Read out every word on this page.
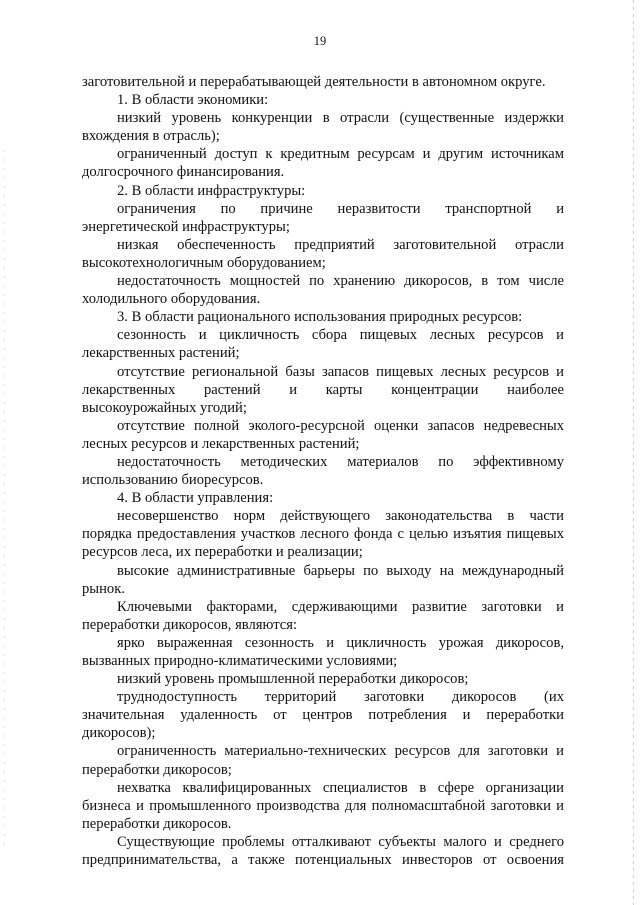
19
заготовительной и перерабатывающей деятельности в автономном округе.
1. В области экономики:
низкий уровень конкуренции в отрасли (существенные издержки
вхождения в отрасль);
ограниченный доступ к кредитным ресурсам и другим источникам
долгосрочного финансирования.
2. В области инфраструктуры:
ограничения по причине неразвитости транспортной и
энергетической инфраструктуры;
низкая обеспеченность предприятий заготовительной отрасли
высокотехнологичным оборудованием;
недостаточность мощностей по хранению дикоросов, в том числе
холодильного оборудования.
3. В области рационального использования природных ресурсов:
сезонность и цикличность сбора пищевых лесных ресурсов и
лекарственных растений;
отсутствие региональной базы запасов пищевых лесных ресурсов и
лекарственных растений и карты концентрации наиболее
высокоурожайных угодий;
отсутствие полной эколого-ресурсной оценки запасов недревесных
лесных ресурсов и лекарственных растений;
недостаточность методических материалов по эффективному
использованию биоресурсов.
4. В области управления:
несовершенство норм действующего законодательства в части
порядка предоставления участков лесного фонда с целью изъятия пищевых
ресурсов леса, их переработки и реализации;
высокие административные барьеры по выходу на международный
рынок.
Ключевыми факторами, сдерживающими развитие заготовки и
переработки дикоросов, являются:
ярко выраженная сезонность и цикличность урожая дикоросов,
вызванных природно-климатическими условиями;
низкий уровень промышленной переработки дикоросов;
труднодоступность территорий заготовки дикоросов (их
значительная удаленность от центров потребления и переработки
дикоросов);
ограниченность материально-технических ресурсов для заготовки и
переработки дикоросов;
нехватка квалифицированных специалистов в сфере организации
бизнеса и промышленного производства для полномасштабной заготовки и
переработки дикоросов.
Существующие проблемы отталкивают субъекты малого и среднего
предпринимательства, а также потенциальных инвесторов от освоения
